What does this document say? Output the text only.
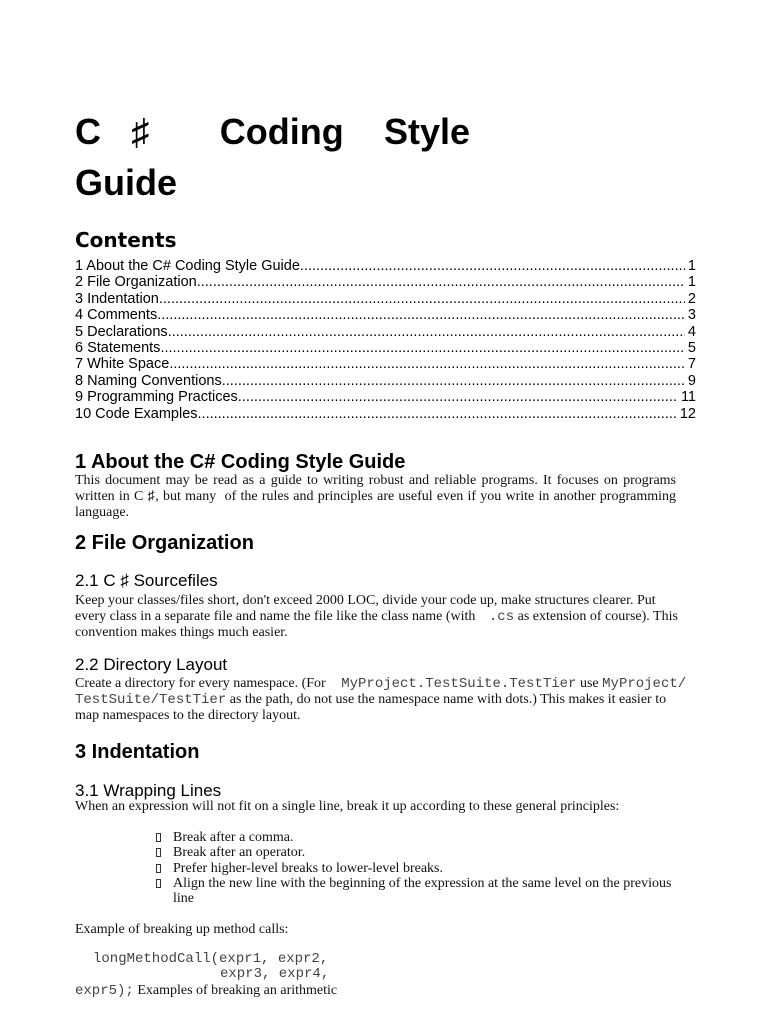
C♯ Coding Style
Guide
Contents
1 About the C# Coding Style Guide .....	1
2 File Organization .....	1
3 Indentation .....	2
4 Comments .....	3
5 Declarations .....	4
6 Statements .....	5
7 White Space .....	7
8 Naming Conventions .....	9
9 Programming Practices .....	11
10 Code Examples .....	12
1 About the C# Coding Style Guide
This document may be read as a guide to writing robust and reliable programs. It focuses on programs written in C ♯, but many  of the rules and principles are useful even if you write in another programming language.
2 File Organization
2.1 C ♯ Sourcefiles
Keep your classes/files short, don't exceed 2000 LOC, divide your code up, make structures clearer. Put every class in a separate file and name the file like the class name (with .cs as extension of course). This convention makes things much easier.
2.2 Directory Layout
Create a directory for every namespace. (For MyProject.TestSuite.TestTier use MyProject/TestSuite/TestTier as the path, do not use the namespace name with dots.) This makes it easier to map namespaces to the directory layout.
3 Indentation
3.1 Wrapping Lines
When an expression will not fit on a single line, break it up according to these general principles:
Break after a comma.
Break after an operator.
Prefer higher-level breaks to lower-level breaks.
Align the new line with the beginning of the expression at the same level on the previous line
Example of breaking up method calls:
longMethodCall(expr1, expr2,
expr3, expr4,
expr5); Examples of breaking an arithmetic
